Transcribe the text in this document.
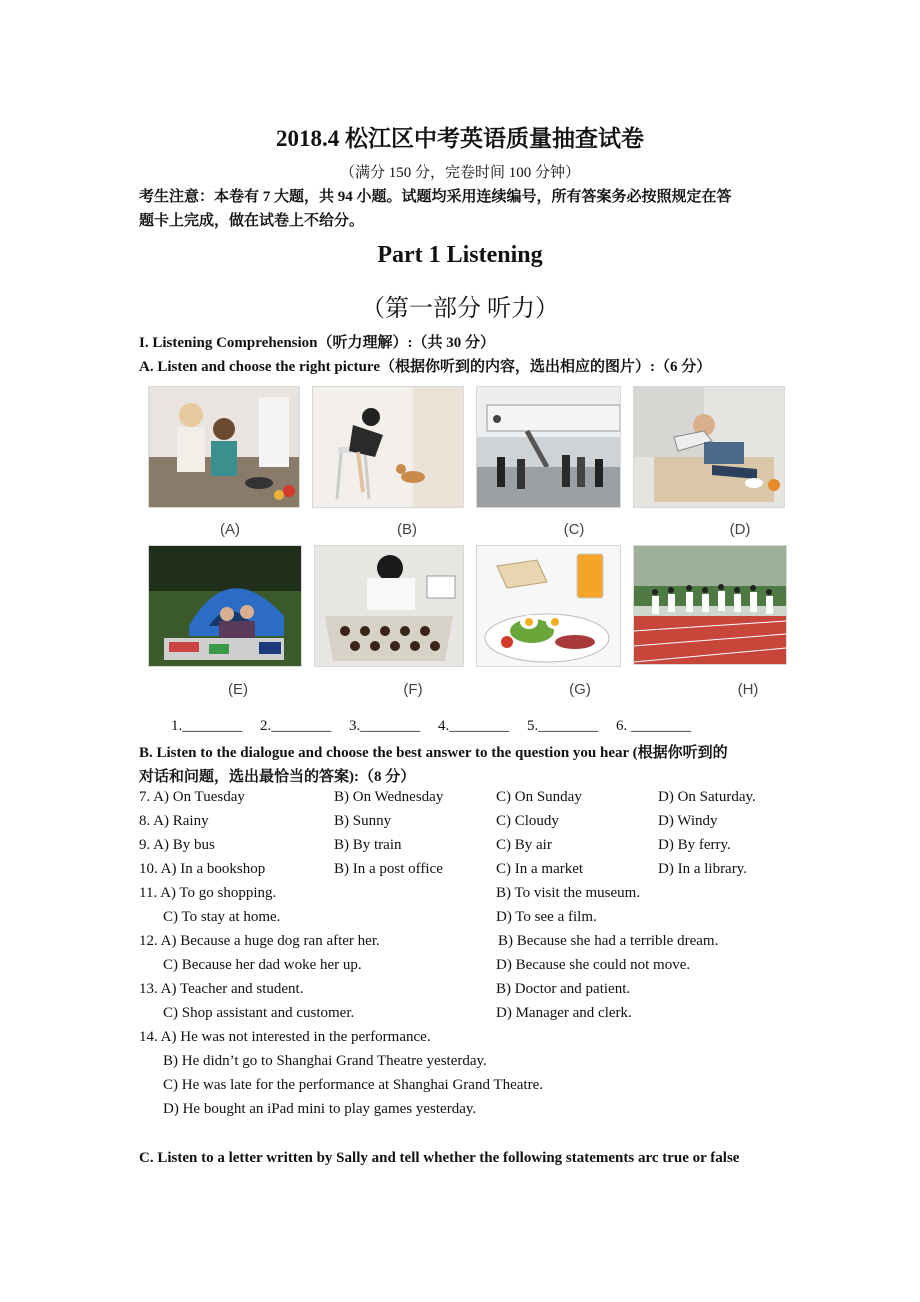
2018.4 松江区中考英语质量抽查试卷
（满分 150 分，完卷时间 100 分钟）
考生注意：本卷有 7 大题，共 94 小题。试题均采用连续编号，所有答案务必按照规定在答
题卡上完成，做在试卷上不给分。
Part 1 Listening
（第一部分 听力）
I. Listening Comprehension（听力理解）:（共 30 分）
A. Listen and choose the right picture（根据你听到的内容，选出相应的图片）:（6 分）
(A)	(B)	(C)	(D)
(E)	(F)	(G)	(H)
1.________ 2.________ 3.________ 4.________ 5.________ 6. ________
B. Listen to the dialogue and choose the best answer to the question you hear (根据你听到的
对话和问题，选出最恰当的答案):（8 分）
7. A) On Tuesday	B) On Wednesday	C) On Sunday	D) On Saturday.
8. A) Rainy	B) Sunny	C) Cloudy	D) Windy
9. A) By bus	B) By train	C) By air	D) By ferry.
10. A) In a bookshop	B) In a post office	C) In a market	D) In a library.
11. A) To go shopping.	B) To visit the museum.
C) To stay at home.	D) To see a film.
12. A) Because a huge dog ran after her.	B) Because she had a terrible dream.
C) Because her dad woke her up.	D) Because she could not move.
13. A) Teacher and student.	B) Doctor and patient.
C) Shop assistant and customer.	D) Manager and clerk.
14. A) He was not interested in the performance.
B) He didn’t go to Shanghai Grand Theatre yesterday.
C) He was late for the performance at Shanghai Grand Theatre.
D) He bought an iPad mini to play games yesterday.
C. Listen to a letter written by Sally and tell whether the following statements arc true or false
